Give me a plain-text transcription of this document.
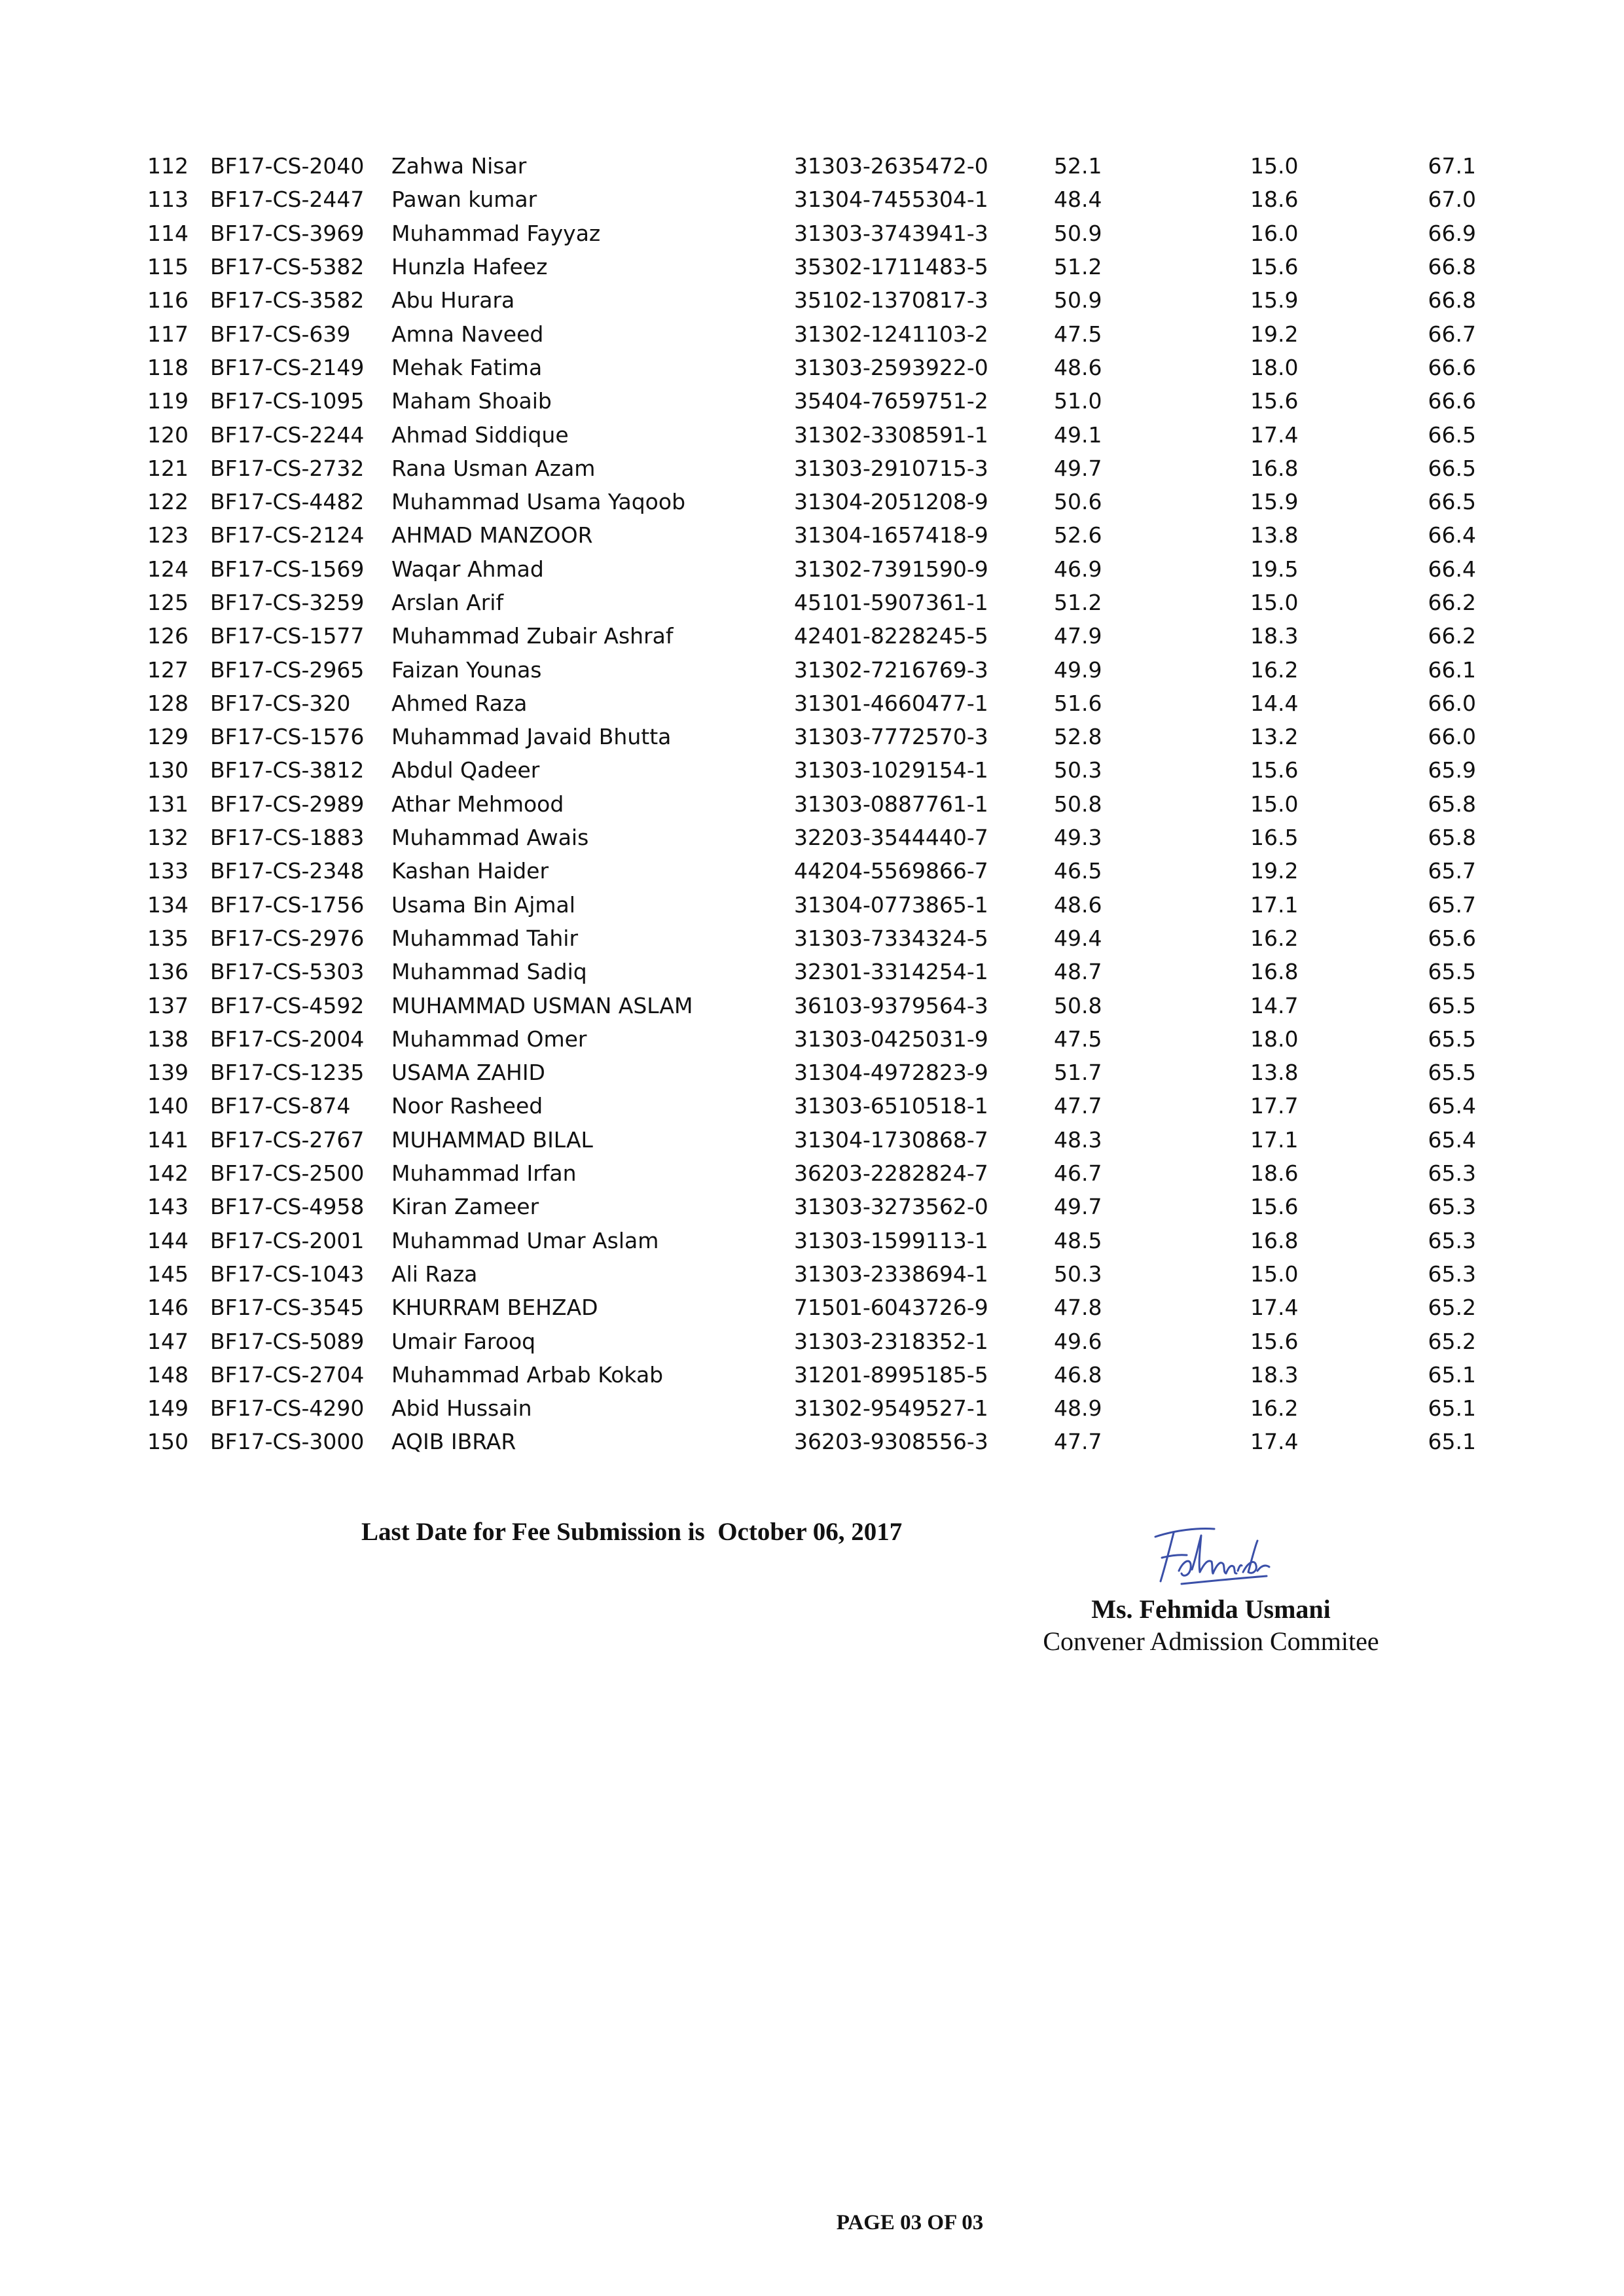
112	BF17-CS-2040	Zahwa Nisar	31303-2635472-0	52.1	15.0	67.1
113	BF17-CS-2447	Pawan kumar	31304-7455304-1	48.4	18.6	67.0
114	BF17-CS-3969	Muhammad Fayyaz	31303-3743941-3	50.9	16.0	66.9
115	BF17-CS-5382	Hunzla Hafeez	35302-1711483-5	51.2	15.6	66.8
116	BF17-CS-3582	Abu Hurara	35102-1370817-3	50.9	15.9	66.8
117	BF17-CS-639	Amna Naveed	31302-1241103-2	47.5	19.2	66.7
118	BF17-CS-2149	Mehak Fatima	31303-2593922-0	48.6	18.0	66.6
119	BF17-CS-1095	Maham Shoaib	35404-7659751-2	51.0	15.6	66.6
120	BF17-CS-2244	Ahmad Siddique	31302-3308591-1	49.1	17.4	66.5
121	BF17-CS-2732	Rana Usman Azam	31303-2910715-3	49.7	16.8	66.5
122	BF17-CS-4482	Muhammad Usama Yaqoob	31304-2051208-9	50.6	15.9	66.5
123	BF17-CS-2124	AHMAD MANZOOR	31304-1657418-9	52.6	13.8	66.4
124	BF17-CS-1569	Waqar Ahmad	31302-7391590-9	46.9	19.5	66.4
125	BF17-CS-3259	Arslan Arif	45101-5907361-1	51.2	15.0	66.2
126	BF17-CS-1577	Muhammad Zubair Ashraf	42401-8228245-5	47.9	18.3	66.2
127	BF17-CS-2965	Faizan Younas	31302-7216769-3	49.9	16.2	66.1
128	BF17-CS-320	Ahmed Raza	31301-4660477-1	51.6	14.4	66.0
129	BF17-CS-1576	Muhammad Javaid Bhutta	31303-7772570-3	52.8	13.2	66.0
130	BF17-CS-3812	Abdul Qadeer	31303-1029154-1	50.3	15.6	65.9
131	BF17-CS-2989	Athar Mehmood	31303-0887761-1	50.8	15.0	65.8
132	BF17-CS-1883	Muhammad Awais	32203-3544440-7	49.3	16.5	65.8
133	BF17-CS-2348	Kashan Haider	44204-5569866-7	46.5	19.2	65.7
134	BF17-CS-1756	Usama Bin Ajmal	31304-0773865-1	48.6	17.1	65.7
135	BF17-CS-2976	Muhammad Tahir	31303-7334324-5	49.4	16.2	65.6
136	BF17-CS-5303	Muhammad Sadiq	32301-3314254-1	48.7	16.8	65.5
137	BF17-CS-4592	MUHAMMAD USMAN ASLAM	36103-9379564-3	50.8	14.7	65.5
138	BF17-CS-2004	Muhammad Omer	31303-0425031-9	47.5	18.0	65.5
139	BF17-CS-1235	USAMA ZAHID	31304-4972823-9	51.7	13.8	65.5
140	BF17-CS-874	Noor Rasheed	31303-6510518-1	47.7	17.7	65.4
141	BF17-CS-2767	MUHAMMAD BILAL	31304-1730868-7	48.3	17.1	65.4
142	BF17-CS-2500	Muhammad Irfan	36203-2282824-7	46.7	18.6	65.3
143	BF17-CS-4958	Kiran Zameer	31303-3273562-0	49.7	15.6	65.3
144	BF17-CS-2001	Muhammad Umar Aslam	31303-1599113-1	48.5	16.8	65.3
145	BF17-CS-1043	Ali Raza	31303-2338694-1	50.3	15.0	65.3
146	BF17-CS-3545	KHURRAM BEHZAD	71501-6043726-9	47.8	17.4	65.2
147	BF17-CS-5089	Umair Farooq	31303-2318352-1	49.6	15.6	65.2
148	BF17-CS-2704	Muhammad Arbab Kokab	31201-8995185-5	46.8	18.3	65.1
149	BF17-CS-4290	Abid Hussain	31302-9549527-1	48.9	16.2	65.1
150	BF17-CS-3000	AQIB IBRAR	36203-9308556-3	47.7	17.4	65.1
Last Date for Fee Submission is  October 06, 2017
Ms. Fehmida Usmani
Convener Admission Commitee
PAGE 03 OF 03
